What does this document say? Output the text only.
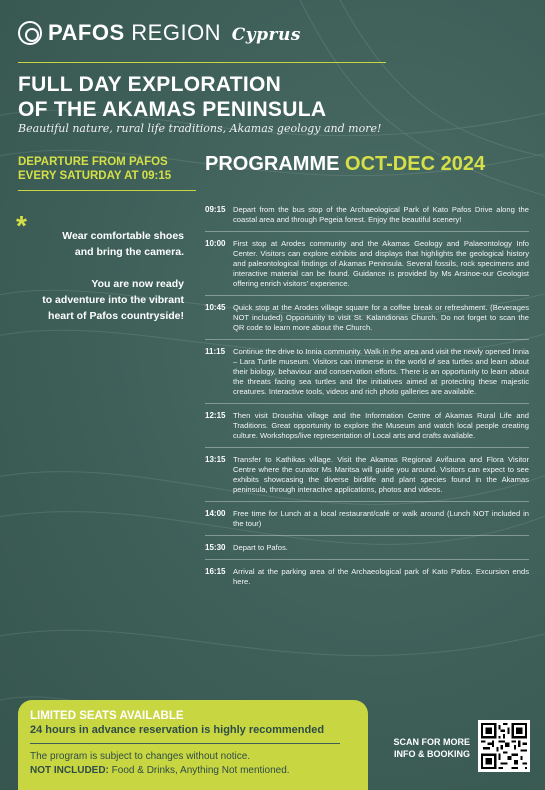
PAFOS REGION Cyprus
FULL DAY EXPLORATION
OF THE AKAMAS PENINSULA
Beautiful nature, rural life traditions, Akamas geology and more!
DEPARTURE FROM PAFOS
EVERY SATURDAY AT 09:15
PROGRAMME OCT-DEC 2024
*	Wear comfortable shoes
and bring the camera.

You are now ready
to adventure into the vibrant
heart of Pafos countryside!

09:15 Depart from the bus stop of the Archaeological Park of Kato Pafos Drive along the coastal area and through Pegeia forest. Enjoy the beautiful scenery!
10:00 First stop at Arodes community and the Akamas Geology and Palaeontology Info Center. Visitors can explore exhibits and displays that highlights the geological history and paleontological findings of Akamas Peninsula. Several fossils, rock specimens and interactive material can be found. Guidance is provided by Ms Arsinoe-our Geologist offering enrich visitors' experience.
10:45 Quick stop at the Arodes village square for a coffee break or refreshment. (Beverages NOT included) Opportunity to visit St. Kalandionas Church. Do not forget to scan the QR code to learn more about the Church.
11:15	Continue the drive to Innia community. Walk in the area and visit the newly opened Innia – Lara Turtle museum. Visitors can immerse in the world of sea turtles and learn about their biology, behaviour and conservation efforts. There is an opportunity to learn about the threats facing sea turtles and the initiatives aimed at protecting these majestic creatures. Interactive tools, videos and rich photo galleries are available.
12:15 Then visit Droushia village and the Information Centre of Akamas Rural Life and Traditions. Great opportunity to explore the Museum and watch local people creating culture. Workshops/live representation of Local arts and crafts available.
13:15 Transfer to Kathikas village. Visit the Akamas Regional Avifauna and Flora Visitor Centre where the curator Ms Maritsa will guide you around. Visitors can expect to see exhibits showcasing the diverse birdlife and plant species found in the Akamas peninsula, through interactive applications, photos and videos.
14:00 Free time for Lunch at a local restaurant/café or walk around (Lunch NOT included in the tour)
15:30 Depart to Pafos.
16:15 Arrival at the parking area of the Archaeological park of Kato Pafos. Excursion ends here.
LIMITED SEATS AVAILABLE
24 hours in advance reservation is highly recommended
The program is subject to changes without notice.
NOT INCLUDED: Food & Drinks, Anything Not mentioned.
SCAN FOR MORE
INFO & BOOKING
